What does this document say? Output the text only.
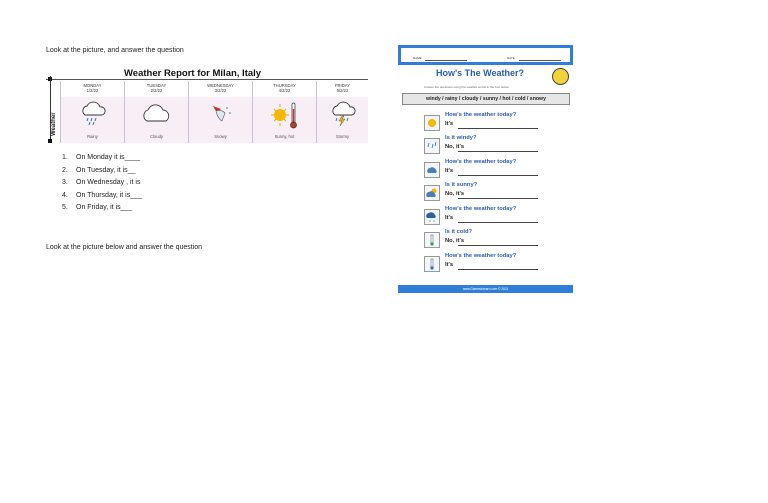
Look at the picture, and answer the question
Weather Report for Milan, Italy
Weather
MONDAY
1/2/22
Rainy
TUESDAY
2/2/22
Cloudy
WEDNESDAY
3/2/22
Snowy
THURSDAY
4/2/22
Sunny, hot
FRIDAY
5/2/22
Stormy
1. On Monday it is____
2. On Tuesday, it is__
3. On Wednesday , it is
4. On Thursday, it is___
5. On Friday, it is___
Look at the picture below and answer the question
NAME	DATE
How's The Weather?
Answer the questions using the weather words in the box below.
windy / rainy / cloudy / sunny / hot / cold / snowy
How's the weather today?
It's
Is it windy?
No, it's
How's the weather today?
It's
Is it sunny?
No, it's
How's the weather today?
It's
Is it cold?
No, it's
How's the weather today?
It's
www.Gamestolearn.com © 2011
